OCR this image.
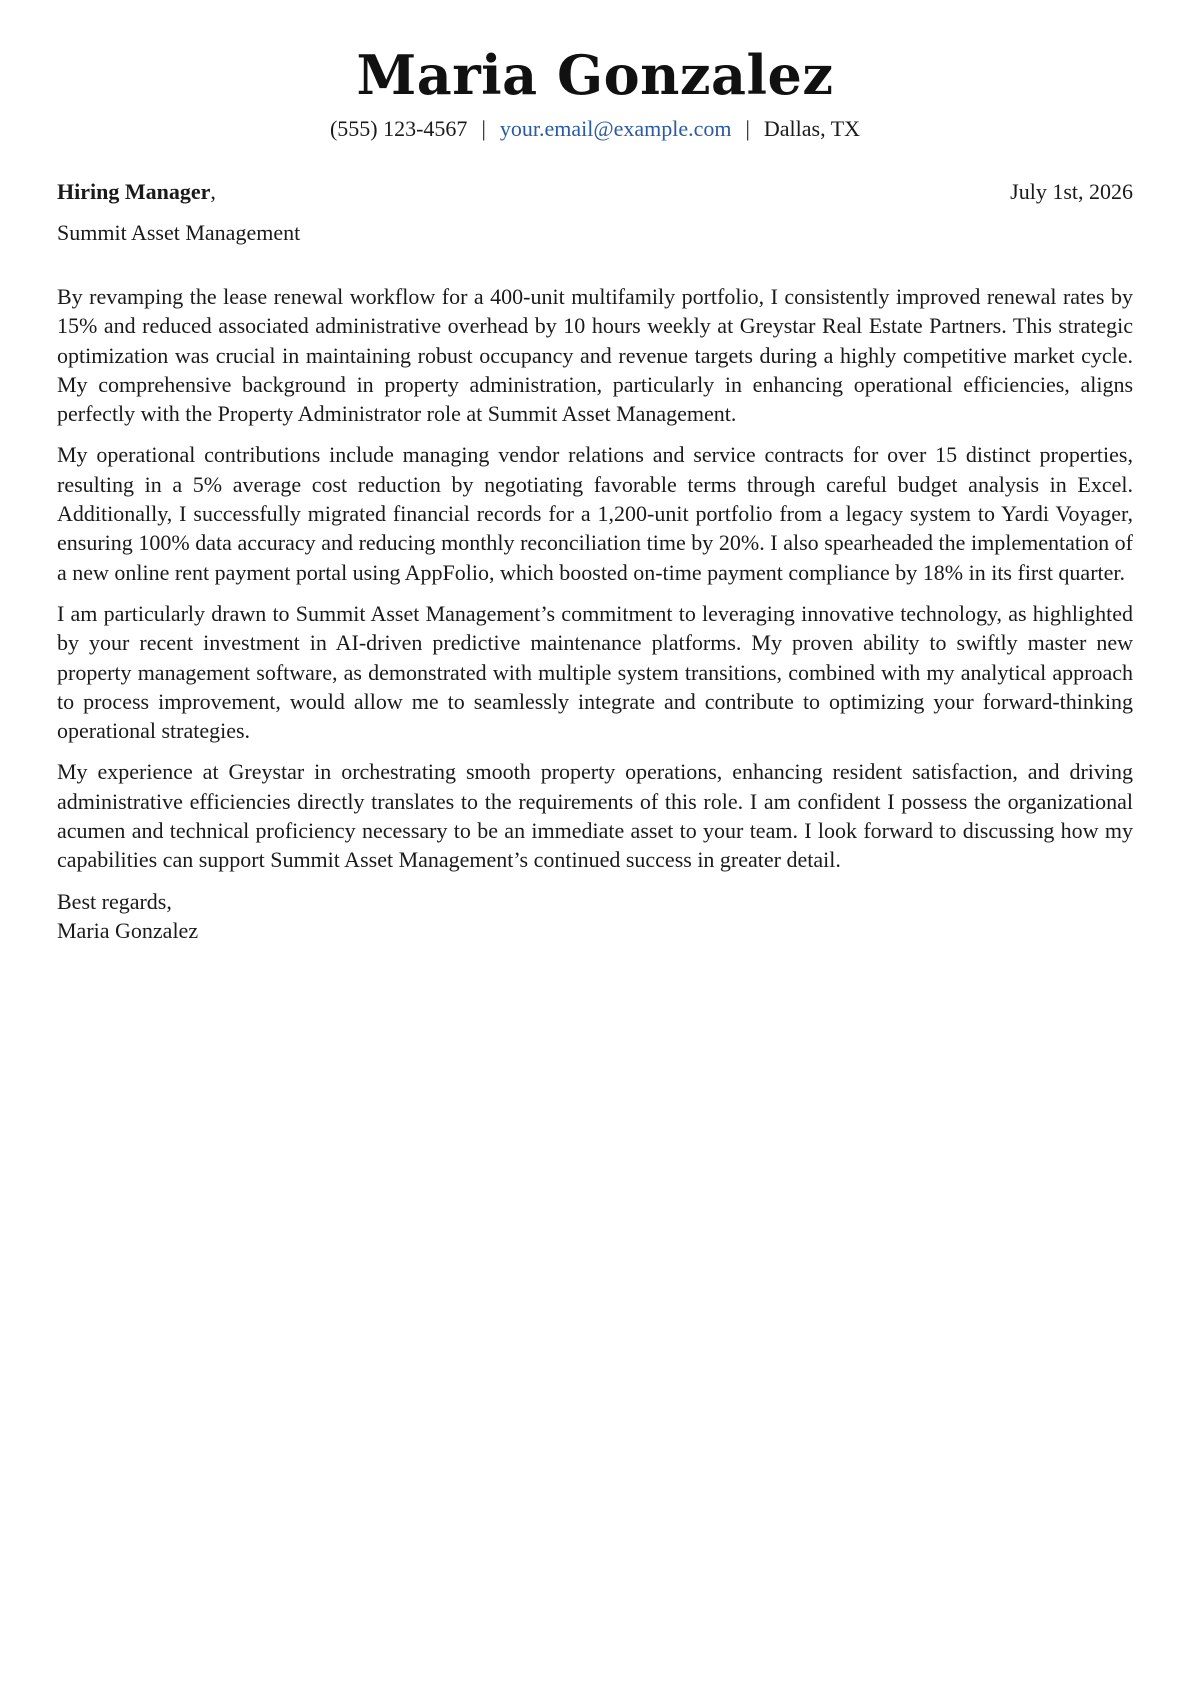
Maria Gonzalez
(555) 123-4567 | your.email@example.com | Dallas, TX
Hiring Manager,	July 1st, 2026
Summit Asset Management

By revamping the lease renewal workflow for a 400-unit multifamily portfolio, I consistently improved renewal rates by 15% and reduced associated administrative overhead by 10 hours weekly at Greystar Real Estate Partners. This strategic optimization was crucial in maintaining robust occupancy and revenue targets during a highly competitive market cycle. My comprehensive background in property administration, particularly in enhancing operational efficiencies, aligns perfectly with the Property Administrator role at Summit Asset Management.

My operational contributions include managing vendor relations and service contracts for over 15 distinct properties, resulting in a 5% average cost reduction by negotiating favorable terms through careful budget analysis in Excel. Additionally, I successfully migrated financial records for a 1,200-unit portfolio from a legacy system to Yardi Voyager, ensuring 100% data accuracy and reducing monthly reconciliation time by 20%. I also spearheaded the implementation of a new online rent payment portal using AppFolio, which boosted on-time payment compliance by 18% in its first quarter.

I am particularly drawn to Summit Asset Management’s commitment to leveraging innovative technology, as highlighted by your recent investment in AI-driven predictive maintenance platforms. My proven ability to swiftly master new property management software, as demonstrated with multiple system transitions, combined with my analytical approach to process improvement, would allow me to seamlessly integrate and contribute to optimizing your forward-thinking operational strategies.

My experience at Greystar in orchestrating smooth property operations, enhancing resident satisfaction, and driving administrative efficiencies directly translates to the requirements of this role. I am confident I possess the organizational acumen and technical proficiency necessary to be an immediate asset to your team. I look forward to discussing how my capabilities can support Summit Asset Management’s continued success in greater detail.

Best regards,
Maria Gonzalez
